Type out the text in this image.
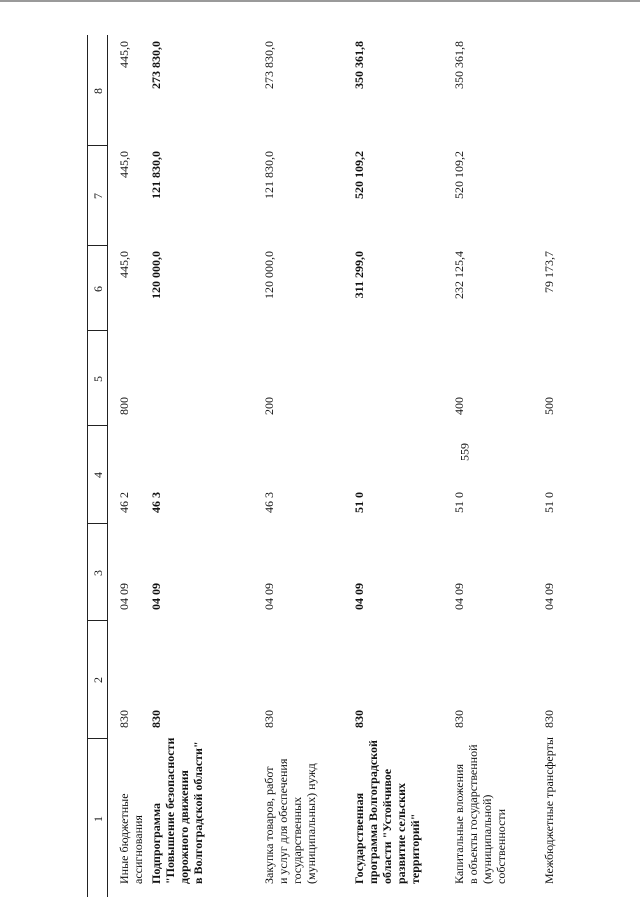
559
1
2
3
4
5
6
7
8
Иные бюджетные ассигнования
830
04 09
46 2
800
445,0
445,0
445,0
Подпрограмма "Повышение безопасности дорожного движения в Волгоградской области"
830
04 09
46 3
120 000,0
121 830,0
273 830,0
Закупка товаров, работ и услуг для обеспечения государственных (муниципальных) нужд
830
04 09
46 3
200
120 000,0
121 830,0
273 830,0
Государственная программа Волгоградской области "Устойчивое развитие сельских территорий"
830
04 09
51 0
311 299,0
520 109,2
350 361,8
Капитальные вложения в объекты государственной (муниципальной) собственности
830
04 09
51 0
400
232 125,4
520 109,2
350 361,8
Межбюджетные трансферты
830
04 09
51 0
500
79 173,7
